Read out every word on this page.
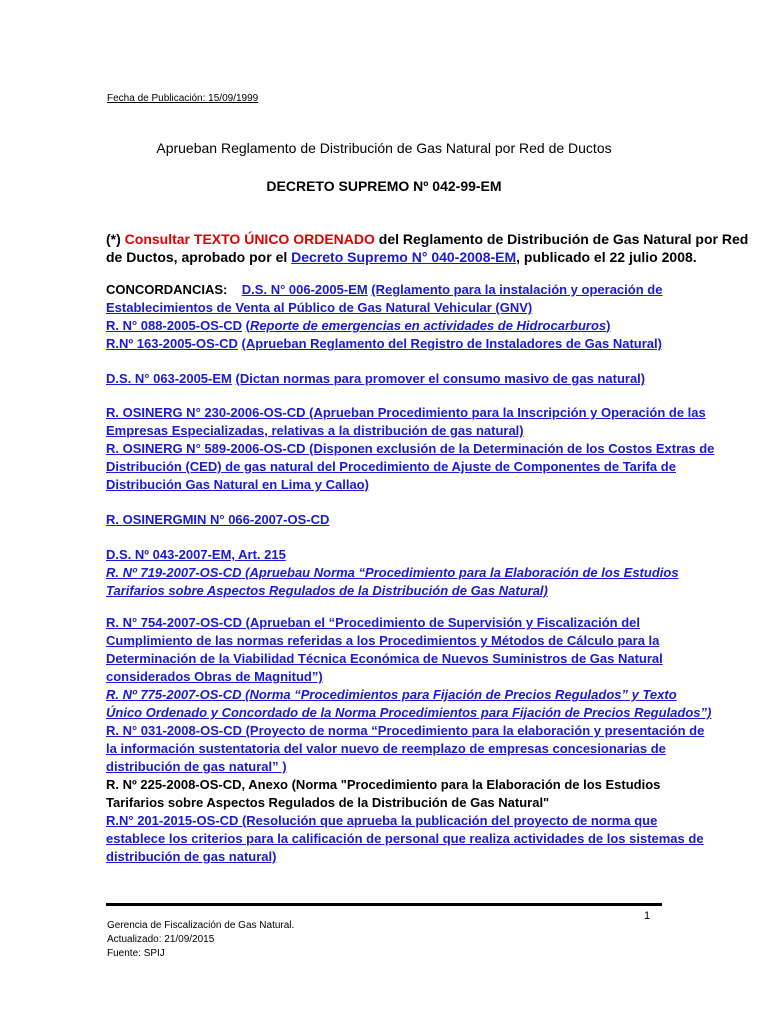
Fecha de Publicación: 15/09/1999
Aprueban Reglamento de Distribución de Gas Natural por Red de Ductos
DECRETO SUPREMO Nº 042-99-EM
(*) Consultar TEXTO ÚNICO ORDENADO del Reglamento de Distribución de Gas Natural por Red
de Ductos, aprobado por el Decreto Supremo N° 040-2008-EM, publicado el 22 julio 2008.
CONCORDANCIAS: D.S. N° 006-2005-EM (Reglamento para la instalación y operación de
Establecimientos de Venta al Público de Gas Natural Vehicular (GNV)
R. N° 088-2005-OS-CD (Reporte de emergencias en actividades de Hidrocarburos)
R.Nº 163-2005-OS-CD (Aprueban Reglamento del Registro de Instaladores de Gas Natural)
D.S. N° 063-2005-EM (Dictan normas para promover el consumo masivo de gas natural)
R. OSINERG N° 230-2006-OS-CD (Aprueban Procedimiento para la Inscripción y Operación de las
Empresas Especializadas, relativas a la distribución de gas natural)
R. OSINERG N° 589-2006-OS-CD (Disponen exclusión de la Determinación de los Costos Extras de
Distribución (CED) de gas natural del Procedimiento de Ajuste de Componentes de Tarifa de
Distribución Gas Natural en Lima y Callao)
R. OSINERGMIN N° 066-2007-OS-CD
D.S. Nº 043-2007-EM, Art. 215
R. Nº 719-2007-OS-CD (Apruebau Norma “Procedimiento para la Elaboración de los Estudios
Tarifarios sobre Aspectos Regulados de la Distribución de Gas Natural)
R. N° 754-2007-OS-CD (Aprueban el “Procedimiento de Supervisión y Fiscalización del
Cumplimiento de las normas referidas a los Procedimientos y Métodos de Cálculo para la
Determinación de la Viabilidad Técnica Económica de Nuevos Suministros de Gas Natural
considerados Obras de Magnitud”)
R. Nº 775-2007-OS-CD (Norma “Procedimientos para Fijación de Precios Regulados” y Texto
Único Ordenado y Concordado de la Norma Procedimientos para Fijación de Precios Regulados”)
R. N° 031-2008-OS-CD (Proyecto de norma “Procedimiento para la elaboración y presentación de
la información sustentatoria del valor nuevo de reemplazo de empresas concesionarias de
distribución de gas natural” )
R. Nº 225-2008-OS-CD, Anexo (Norma "Procedimiento para la Elaboración de los Estudios
Tarifarios sobre Aspectos Regulados de la Distribución de Gas Natural"
R.N° 201-2015-OS-CD (Resolución que aprueba la publicación del proyecto de norma que
establece los criterios para la calificación de personal que realiza actividades de los sistemas de
distribución de gas natural)
1
Gerencia de Fiscalización de Gas Natural.
Actualizado: 21/09/2015
Fuente: SPIJ
